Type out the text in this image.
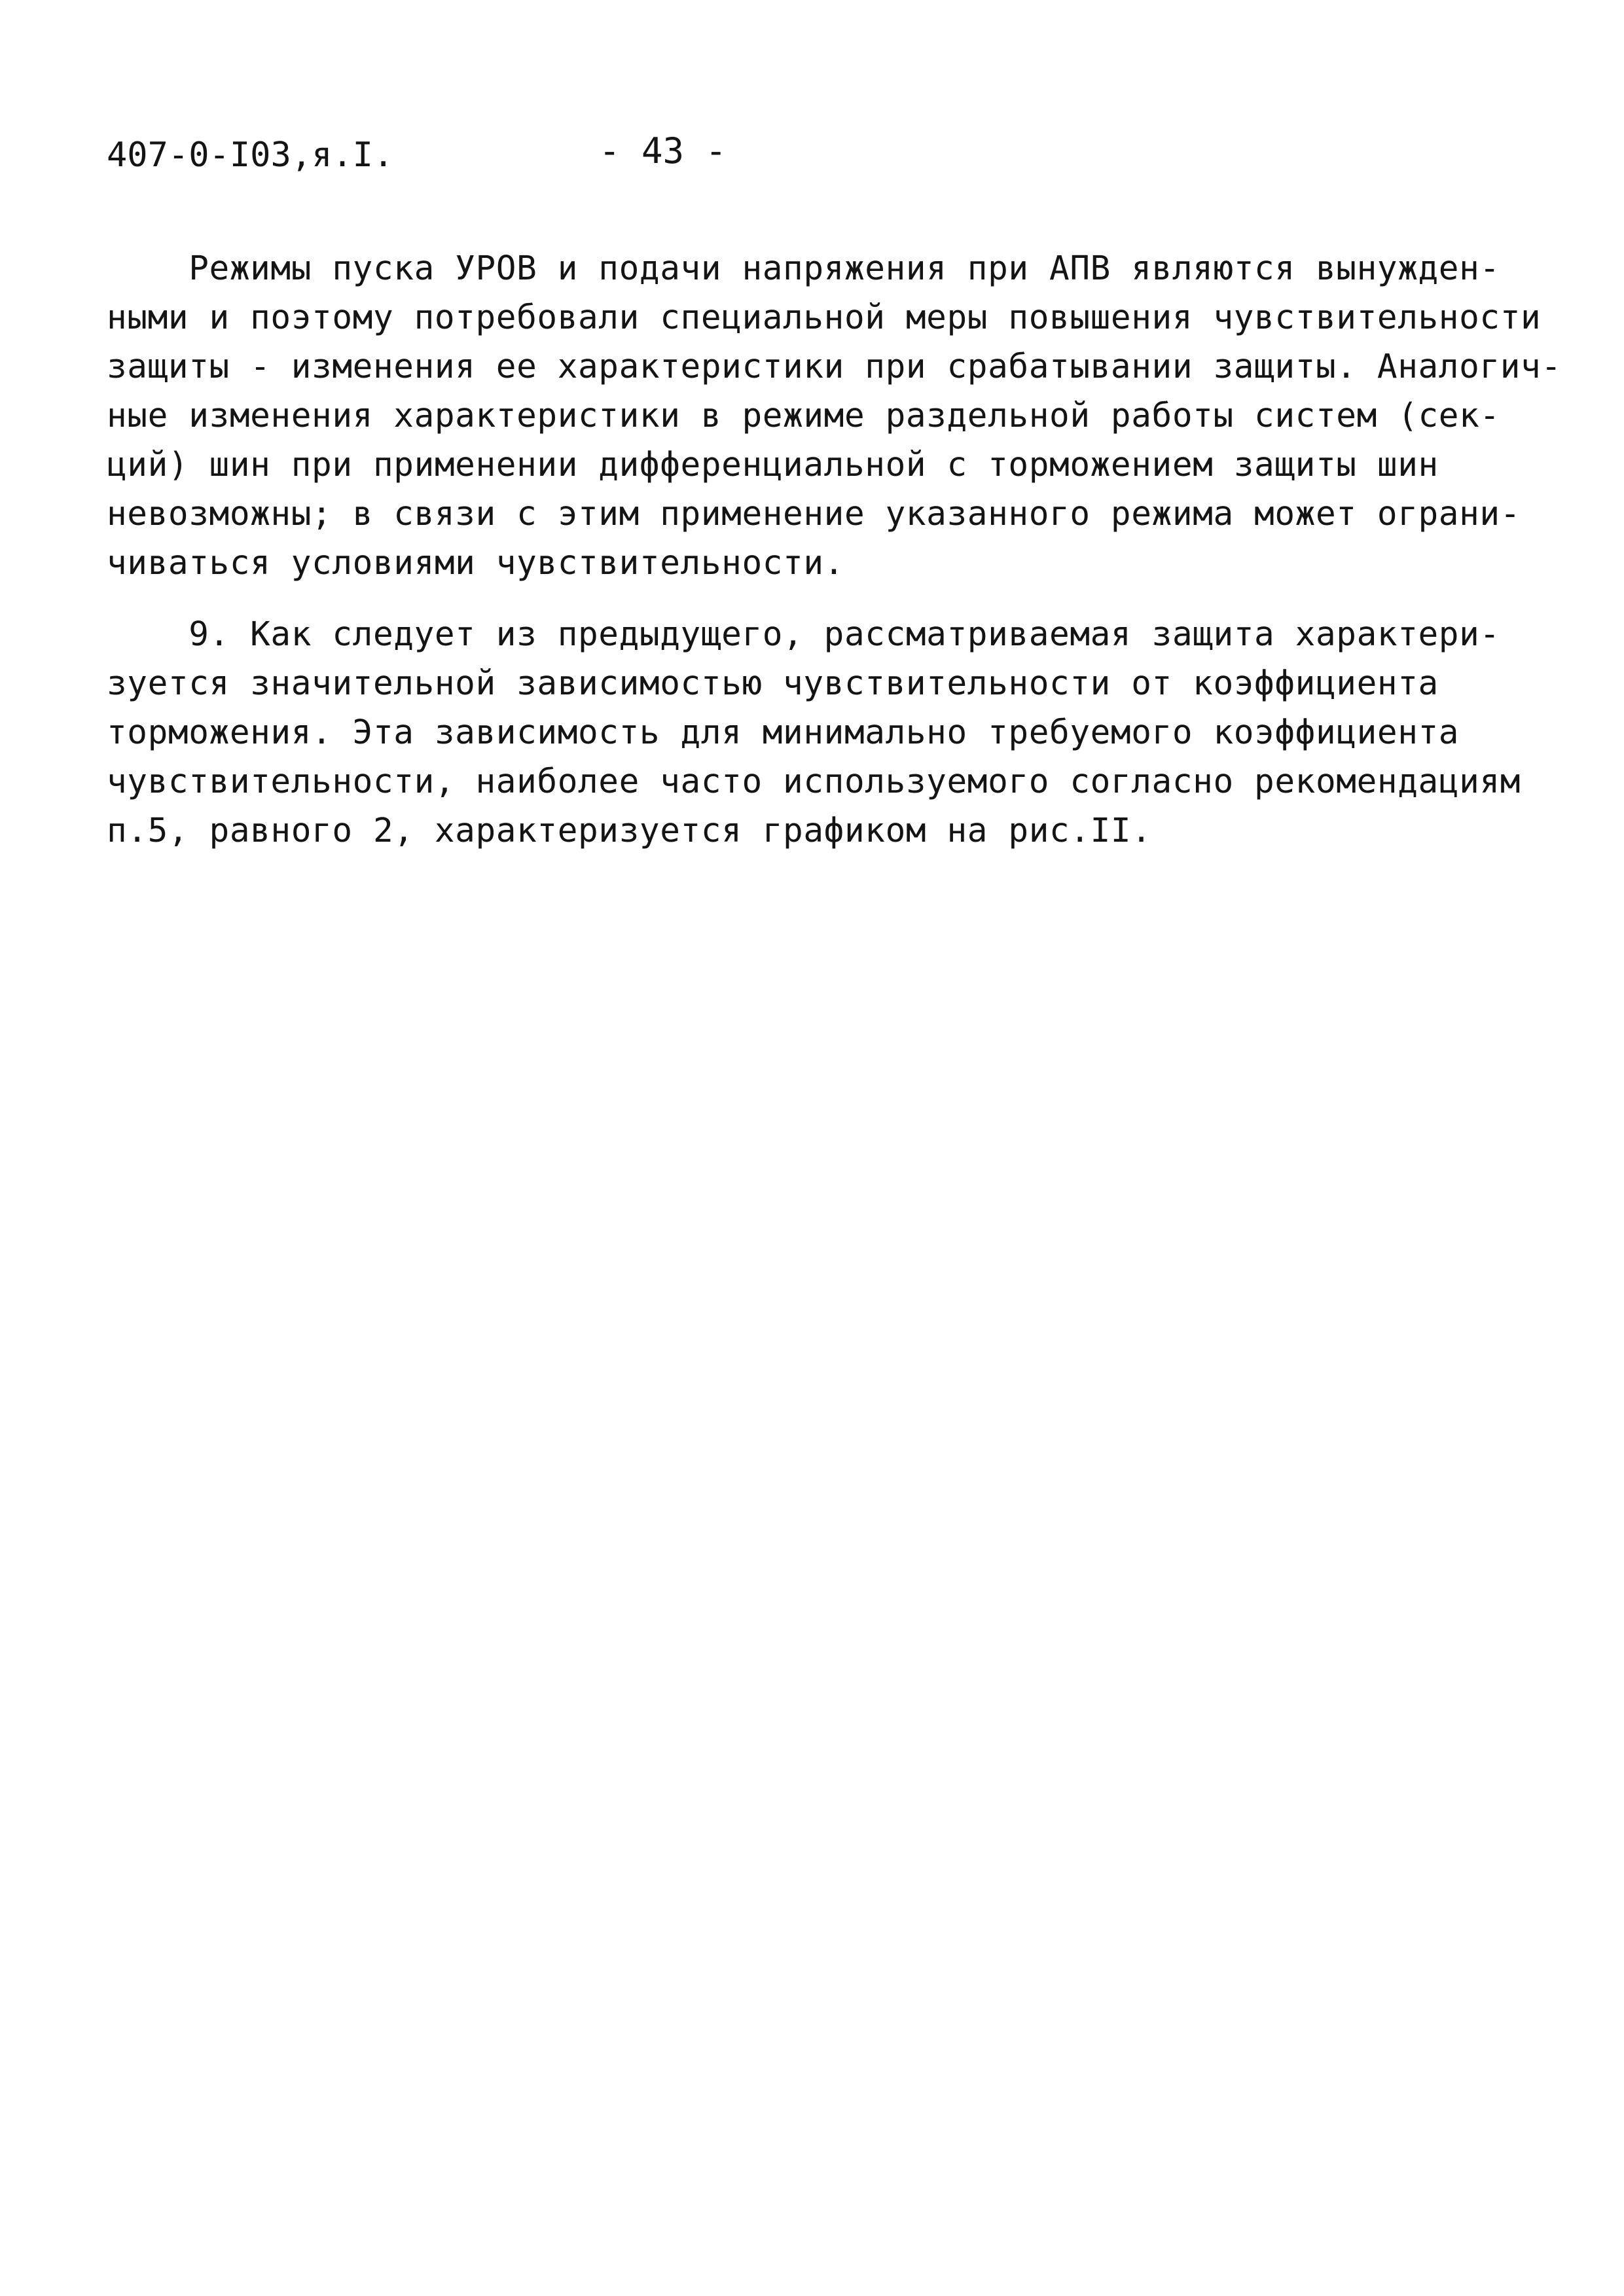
407-0-I03,я.I.	- 43 -
Режимы пуска УРОВ и подачи напряжения при АПВ являются вынужден-
ными и поэтому потребовали специальной меры повышения чувствительности
защиты - изменения ее характеристики при срабатывании защиты. Аналогич-
ные изменения характеристики в режиме раздельной работы систем (сек-
ций) шин при применении дифференциальной с торможением защиты шин
невозможны; в связи с этим применение указанного режима может ограни-
чиваться условиями чувствительности.
9. Как следует из предыдущего, рассматриваемая защита характери-
зуется значительной зависимостью чувствительности от коэффициента
торможения. Эта зависимость для минимально требуемого коэффициента
чувствительности, наиболее часто используемого согласно рекомендациям
п.5, равного 2, характеризуется графиком на рис.II.
